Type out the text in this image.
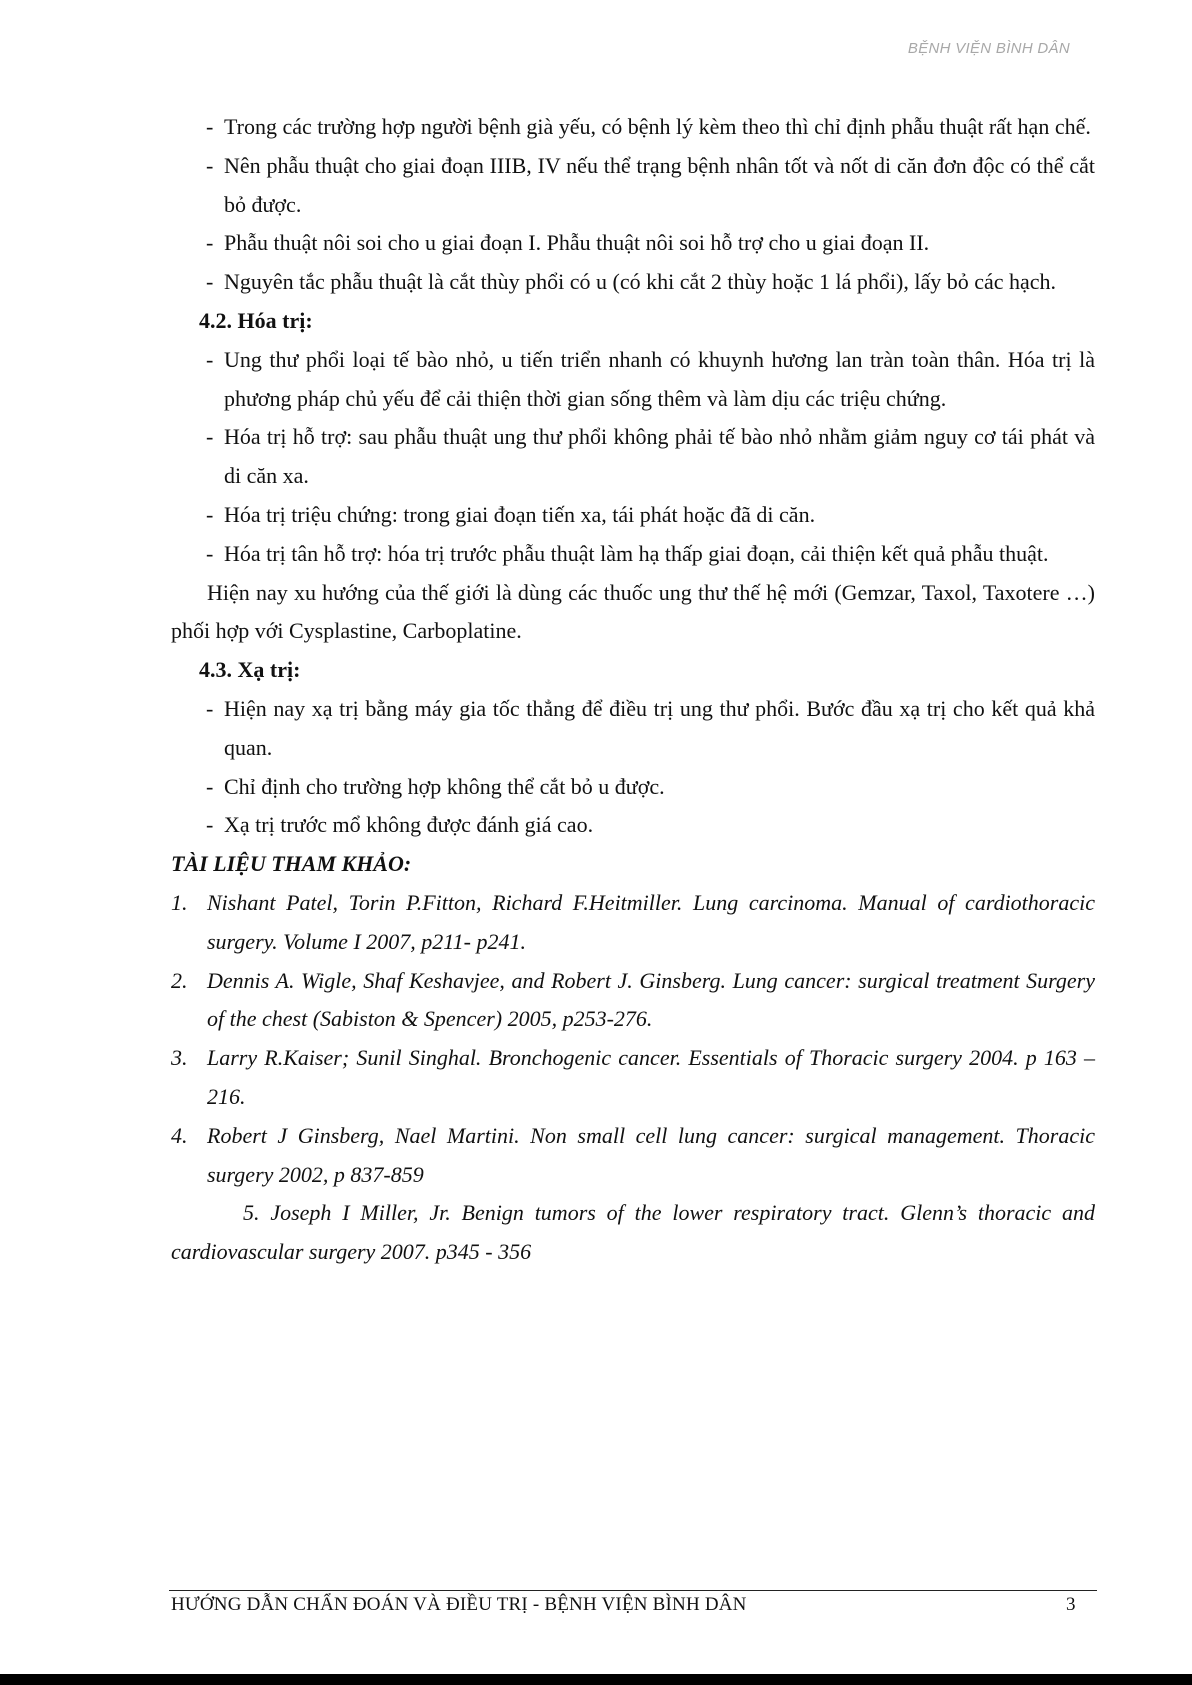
BỆNH VIỆN BÌNH DÂN
- Trong các trường hợp người bệnh già yếu, có bệnh lý kèm theo thì chỉ định phẫu thuật rất hạn chế.
- Nên phẫu thuật cho giai đoạn IIIB, IV nếu thể trạng bệnh nhân tốt và nốt di căn đơn độc có thể cắt bỏ được.
- Phẫu thuật nôi soi cho u giai đoạn I. Phẫu thuật nôi soi hỗ trợ cho u giai đoạn II.
- Nguyên tắc phẫu thuật là cắt thùy phổi có u (có khi cắt 2 thùy hoặc 1 lá phổi), lấy bỏ các hạch.
4.2. Hóa trị:
- Ung thư phổi loại tế bào nhỏ, u tiến triển nhanh có khuynh hương lan tràn toàn thân. Hóa trị là phương pháp chủ yếu để cải thiện thời gian sống thêm và làm dịu các triệu chứng.
- Hóa trị hỗ trợ: sau phẫu thuật ung thư phổi không phải tế bào nhỏ nhằm giảm nguy cơ tái phát và di căn xa.
- Hóa trị triệu chứng: trong giai đoạn tiến xa, tái phát hoặc đã di căn.
- Hóa trị tân hỗ trợ: hóa trị trước phẫu thuật làm hạ thấp giai đoạn, cải thiện kết quả phẫu thuật.
Hiện nay xu hướng của thế giới là dùng các thuốc ung thư thế hệ mới (Gemzar, Taxol, Taxotere …) phối hợp với Cysplastine, Carboplatine.
4.3. Xạ trị:
- Hiện nay xạ trị bằng máy gia tốc thẳng để điều trị ung thư phổi. Bước đầu xạ trị cho kết quả khả quan.
- Chỉ định cho trường hợp không thể cắt bỏ u được.
- Xạ trị trước mổ không được đánh giá cao.
TÀI LIỆU THAM KHẢO:
1. Nishant Patel, Torin P.Fitton, Richard F.Heitmiller. Lung carcinoma. Manual of cardiothoracic surgery. Volume I 2007, p211- p241.
2. Dennis A. Wigle, Shaf Keshavjee, and Robert J. Ginsberg. Lung cancer: surgical treatment Surgery of the chest (Sabiston & Spencer) 2005, p253-276.
3. Larry R.Kaiser; Sunil Singhal. Bronchogenic cancer. Essentials of Thoracic surgery 2004. p 163 – 216.
4. Robert J Ginsberg, Nael Martini. Non small cell lung cancer: surgical management. Thoracic surgery 2002, p 837-859
5. Joseph I Miller, Jr. Benign tumors of the lower respiratory tract. Glenn’s thoracic and cardiovascular surgery 2007. p345 - 356
HƯỚNG DẪN CHẨN ĐOÁN VÀ ĐIỀU TRỊ - BỆNH VIỆN BÌNH DÂN	3
